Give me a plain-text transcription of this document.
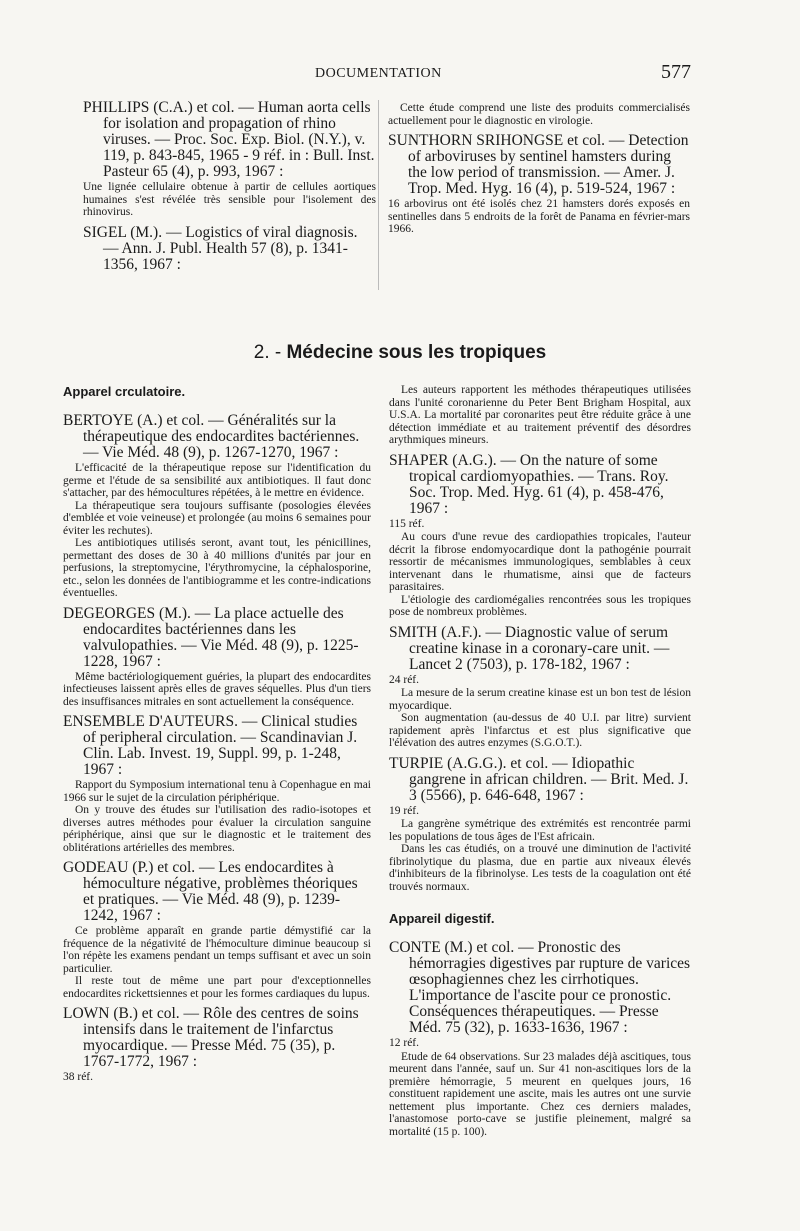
DOCUMENTATION	577

PHILLIPS (C.A.) et col. — Human aorta cells for isolation and propagation of rhino viruses. — Proc. Soc. Exp. Biol. (N.Y.), v. 119, p. 843-845, 1965 - 9 réf. in : Bull. Inst. Pasteur 65 (4), p. 993, 1967 :

Une lignée cellulaire obtenue à partir de cellules aortiques humaines s'est révélée très sensible pour l'isolement des rhinovirus.

SIGEL (M.). — Logistics of viral diagnosis. — Ann. J. Publ. Health 57 (8), p. 1341-1356, 1967 :

Cette étude comprend une liste des produits commercialisés actuellement pour le diagnostic en virologie.

SUNTHORN SRIHONGSE et col. — Detection of arboviruses by sentinel hamsters during the low period of transmission. — Amer. J. Trop. Med. Hyg. 16 (4), p. 519-524, 1967 :

16 arbovirus ont été isolés chez 21 hamsters dorés exposés en sentinelles dans 5 endroits de la forêt de Panama en février-mars 1966.

2. - Médecine sous les tropiques

Apparel crculatoire.

BERTOYE (A.) et col. — Généralités sur la thérapeutique des endocardites bactériennes. — Vie Méd. 48 (9), p. 1267-1270, 1967 :

L'efficacité de la thérapeutique repose sur l'identification du germe et l'étude de sa sensibilité aux antibiotiques. Il faut donc s'attacher, par des hémocultures répétées, à le mettre en évidence.

La thérapeutique sera toujours suffisante (posologies élevées d'emblée et voie veineuse) et prolongée (au moins 6 semaines pour éviter les rechutes).

Les antibiotiques utilisés seront, avant tout, les pénicillines, permettant des doses de 30 à 40 millions d'unités par jour en perfusions, la streptomycine, l'érythromycine, la céphalosporine, etc., selon les données de l'antibiogramme et les contre-indications éventuelles.

DEGEORGES (M.). — La place actuelle des endocardites bactériennes dans les valvulopathies. — Vie Méd. 48 (9), p. 1225-1228, 1967 :

Même bactériologiquement guéries, la plupart des endocardites infectieuses laissent après elles de graves séquelles. Plus d'un tiers des insuffisances mitrales en sont actuellement la conséquence.

ENSEMBLE D'AUTEURS. — Clinical studies of peripheral circulation. — Scandinavian J. Clin. Lab. Invest. 19, Suppl. 99, p. 1-248, 1967 :

Rapport du Symposium international tenu à Copenhague en mai 1966 sur le sujet de la circulation périphérique.

On y trouve des études sur l'utilisation des radio-isotopes et diverses autres méthodes pour évaluer la circulation sanguine périphérique, ainsi que sur le diagnostic et le traitement des oblitérations artérielles des membres.

GODEAU (P.) et col. — Les endocardites à hémoculture négative, problèmes théoriques et pratiques. — Vie Méd. 48 (9), p. 1239-1242, 1967 :

Ce problème apparaît en grande partie démystifié car la fréquence de la négativité de l'hémoculture diminue beaucoup si l'on répète les examens pendant un temps suffisant et avec un soin particulier.

Il reste tout de même une part pour d'exceptionnelles endocardites rickettsiennes et pour les formes cardiaques du lupus.

LOWN (B.) et col. — Rôle des centres de soins intensifs dans le traitement de l'infarctus myocardique. — Presse Méd. 75 (35), p. 1767-1772, 1967 :

38 réf.

Les auteurs rapportent les méthodes thérapeutiques utilisées dans l'unité coronarienne du Peter Bent Brigham Hospital, aux U.S.A. La mortalité par coronarites peut être réduite grâce à une détection immédiate et au traitement préventif des désordres arythmiques mineurs.

SHAPER (A.G.). — On the nature of some tropical cardiomyopathies. — Trans. Roy. Soc. Trop. Med. Hyg. 61 (4), p. 458-476, 1967 :

115 réf.

Au cours d'une revue des cardiopathies tropicales, l'auteur décrit la fibrose endomyocardique dont la pathogénie pourrait ressortir de mécanismes immunologiques, semblables à ceux intervenant dans le rhumatisme, ainsi que de facteurs parasitaires.

L'étiologie des cardiomégalies rencontrées sous les tropiques pose de nombreux problèmes.

SMITH (A.F.). — Diagnostic value of serum creatine kinase in a coronary-care unit. — Lancet 2 (7503), p. 178-182, 1967 :

24 réf.

La mesure de la serum creatine kinase est un bon test de lésion myocardique.

Son augmentation (au-dessus de 40 U.I. par litre) survient rapidement après l'infarctus et est plus significative que l'élévation des autres enzymes (S.G.O.T.).

TURPIE (A.G.G.). et col. — Idiopathic gangrene in african children. — Brit. Med. J. 3 (5566), p. 646-648, 1967 :

19 réf.

La gangrène symétrique des extrémités est rencontrée parmi les populations de tous âges de l'Est africain.

Dans les cas étudiés, on a trouvé une diminution de l'activité fibrinolytique du plasma, due en partie aux niveaux élevés d'inhibiteurs de la fibrinolyse. Les tests de la coagulation ont été trouvés normaux.

Appareil digestif.

CONTE (M.) et col. — Pronostic des hémorragies digestives par rupture de varices œsophagiennes chez les cirrhotiques. L'importance de l'ascite pour ce pronostic. Conséquences thérapeutiques. — Presse Méd. 75 (32), p. 1633-1636, 1967 :

12 réf.

Etude de 64 observations. Sur 23 malades déjà ascitiques, tous meurent dans l'année, sauf un. Sur 41 non-ascitiques lors de la première hémorragie, 5 meurent en quelques jours, 16 constituent rapidement une ascite, mais les autres ont une survie nettement plus importante. Chez ces derniers malades, l'anastomose porto-cave se justifie pleinement, malgré sa mortalité (15 p. 100).
